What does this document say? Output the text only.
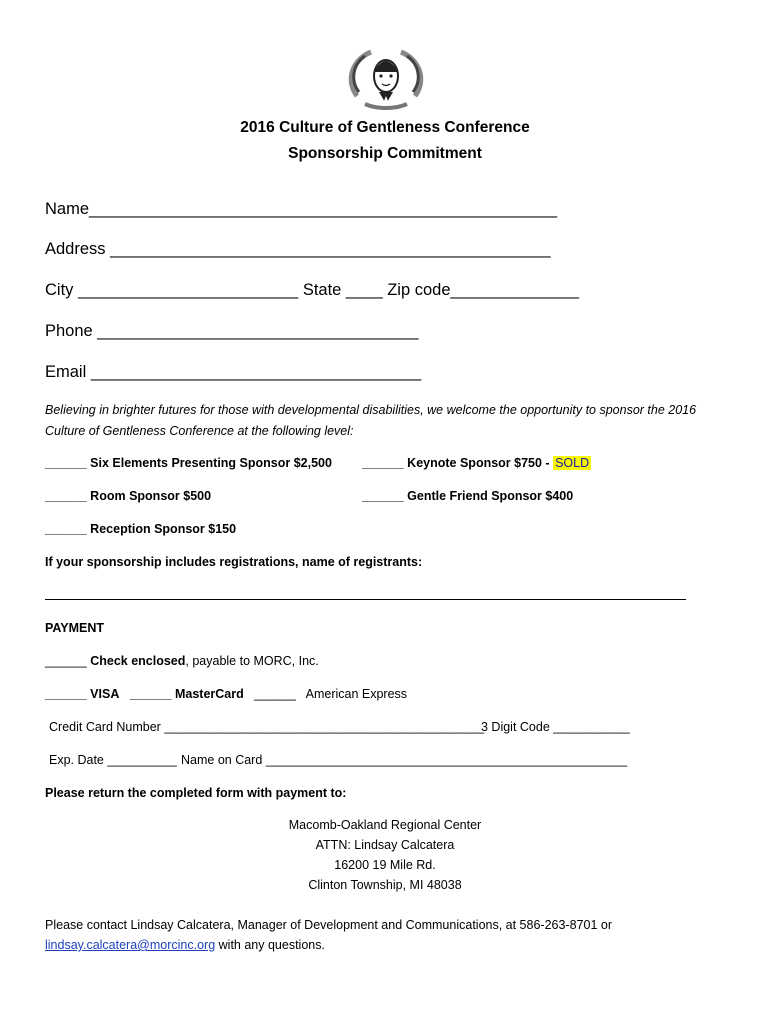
2016 Culture of Gentleness Conference
Sponsorship Commitment
Name___________________________________________________
Address ________________________________________________
City ________________________ State ____ Zip code______________
Phone ___________________________________
Email ____________________________________
Believing in brighter futures for those with developmental disabilities, we welcome the opportunity to sponsor the 2016
Culture of Gentleness Conference at the following level:
______ Six Elements Presenting Sponsor $2,500 ______ Keynote Sponsor $750 - SOLD
______ Room Sponsor $500	______ Gentle Friend Sponsor $400
______ Reception Sponsor $150
If your sponsorship includes registrations, name of registrants:
PAYMENT
______ Check enclosed, payable to MORC, Inc.
______ VISA ______ MasterCard ______ American Express
Credit Card Number ______________________________________________
3 Digit Code ___________
Exp. Date __________ Name on Card ____________________________________________________
Please return the completed form with payment to:
Macomb-Oakland Regional Center
ATTN: Lindsay Calcatera
16200 19 Mile Rd.
Clinton Township, MI 48038
Please contact Lindsay Calcatera, Manager of Development and Communications, at 586-263-8701 or
lindsay.calcatera@morcinc.org with any questions.
